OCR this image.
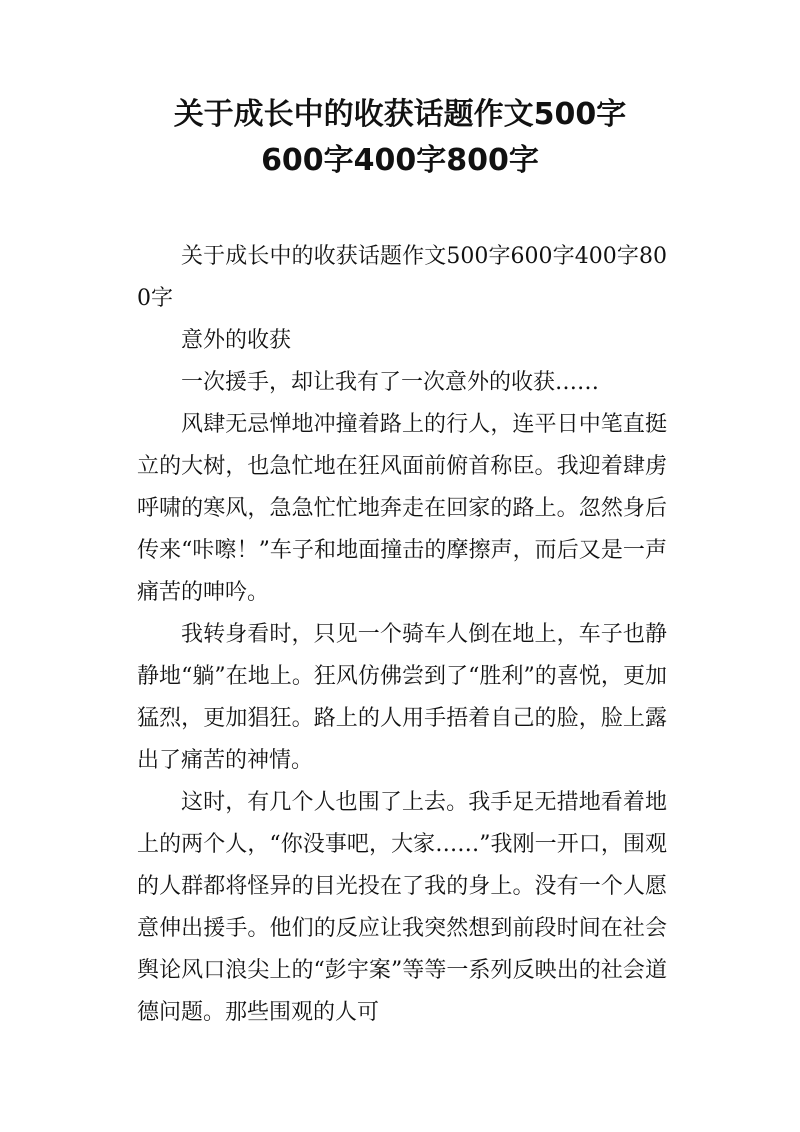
关于成长中的收获话题作文500字
600字400字800字

关于成长中的收获话题作文500字600字400字800字

意外的收获

一次援手，却让我有了一次意外的收获……

风肆无忌惮地冲撞着路上的行人，连平日中笔直挺立的大树，也急忙地在狂风面前俯首称臣。我迎着肆虏呼啸的寒风，急急忙忙地奔走在回家的路上。忽然身后传来“咔嚓！”车子和地面撞击的摩擦声，而后又是一声痛苦的呻吟。

我转身看时，只见一个骑车人倒在地上，车子也静静地“躺”在地上。狂风仿佛尝到了“胜利”的喜悦，更加猛烈，更加猖狂。路上的人用手捂着自己的脸，脸上露出了痛苦的神情。

这时，有几个人也围了上去。我手足无措地看着地上的两个人，“你没事吧，大家……”我刚一开口，围观的人群都将怪异的目光投在了我的身上。没有一个人愿意伸出援手。他们的反应让我突然想到前段时间在社会舆论风口浪尖上的“彭宇案”等等一系列反映出的社会道德问题。那些围观的人可
